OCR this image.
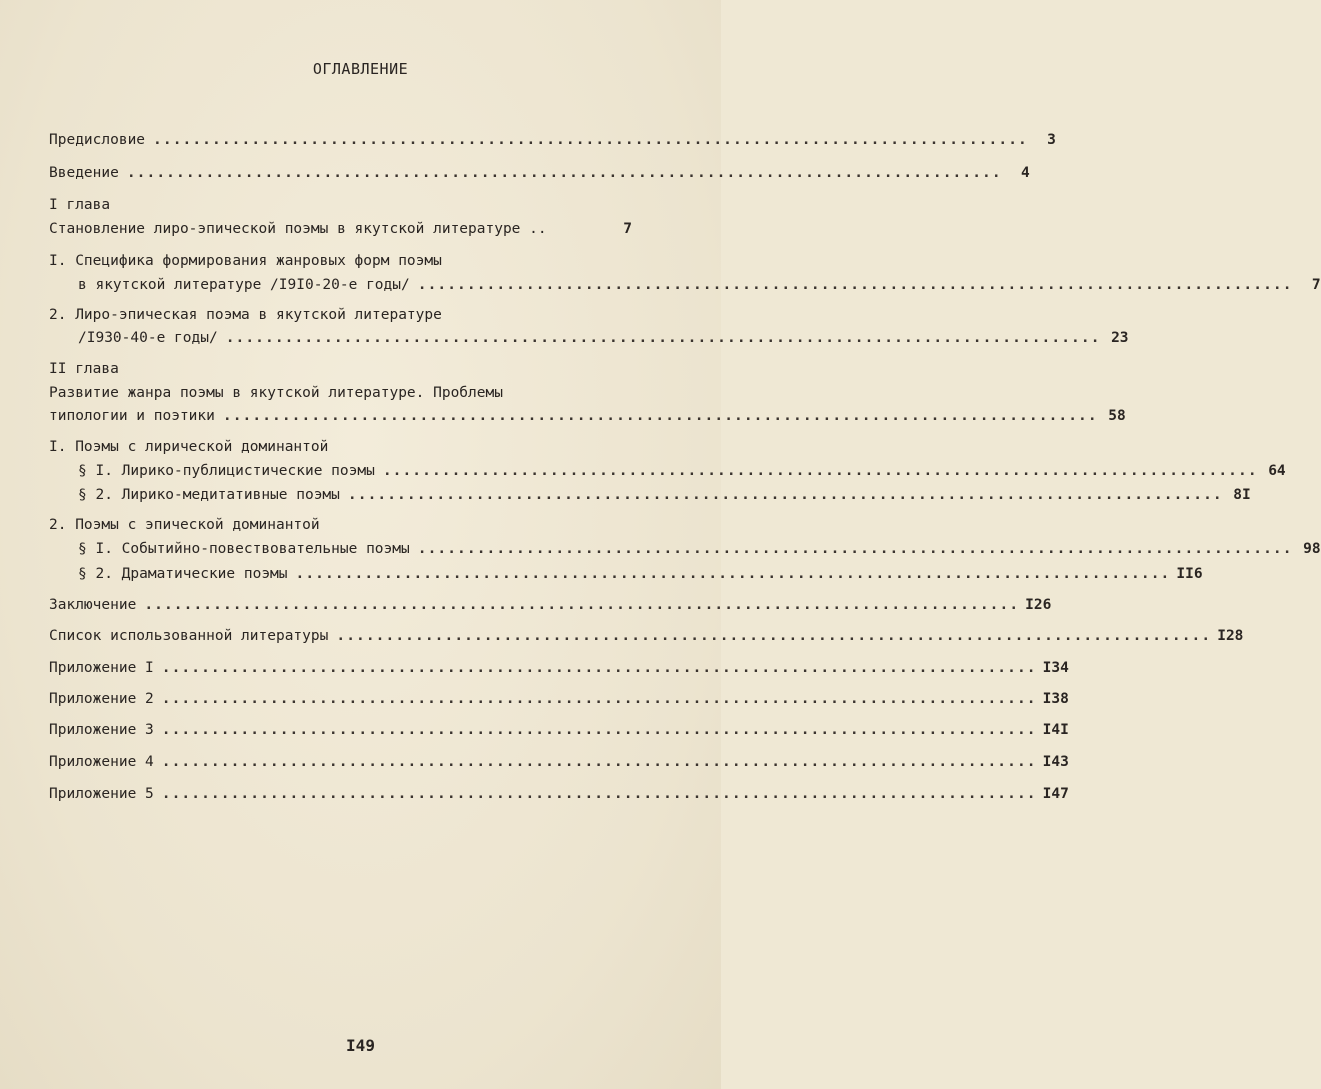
ОГЛАВЛЕНИЕ
Предисловие .........................................................................................	3
Введение .........................................................................................	4
I глава
Становление лиро-эпической поэмы в якутской литературе ..	7
I. Специфика формирования жанровых форм поэмы
в якутской литературе /I9I0-20-е годы/ .........................................................................................	7
2. Лиро-эпическая поэма в якутской литературе
/I930-40-е годы/ ......................................................................................... 23
II глава
Развитие жанра поэмы в якутской литературе. Проблемы
типологии и поэтики ......................................................................................... 58
I. Поэмы с лирической доминантой
§ I. Лирико-публицистические поэмы ......................................................................................... 64
§ 2. Лирико-медитативные поэмы ......................................................................................... 8I
2. Поэмы с эпической доминантой
§ I. Событийно-повествовательные поэмы ......................................................................................... 98
§ 2. Драматические поэмы ......................................................................................... II6
Заключение ......................................................................................... I26
Список использованной литературы ......................................................................................... I28
Приложение I ......................................................................................... I34
Приложение 2 ......................................................................................... I38
Приложение 3 ......................................................................................... I4I
Приложение 4 ......................................................................................... I43
Приложение 5 ......................................................................................... I47
I49
